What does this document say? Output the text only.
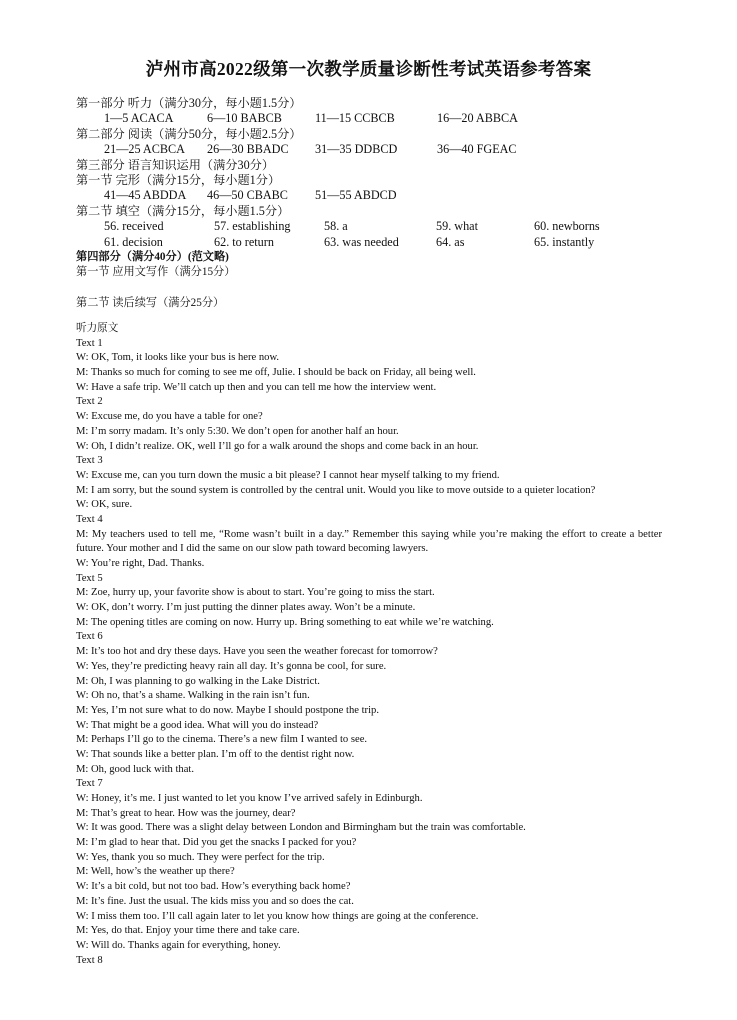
泸州市高2022级第一次教学质量诊断性考试英语参考答案
第一部分 听力（满分30分，每小题1.5分）
1—5 ACACA	6—10 BABCB	11—15 CCBCB	16—20 ABBCA
第二部分 阅读（满分50分，每小题2.5分）
21—25 ACBCA 26—30 BBADC 31—35 DDBCD	36—40 FGEAC
第三部分 语言知识运用（满分30分）
第一节 完形（满分15分，每小题1分）
41—45 ABDDA 46—50 CBABC 51—55 ABDCD
第二节 填空（满分15分，每小题1.5分）
56. received	57. establishing	58. a	59. what	60. newborns
61. decision	62. to return	63. was needed	64. as	65. instantly
第四部分（满分40分）(范文略)
第一节 应用文写作（满分15分）
第二节 读后续写（满分25分）
听力原文
Text 1
W: OK, Tom, it looks like your bus is here now.
M: Thanks so much for coming to see me off, Julie. I should be back on Friday, all being well.
W: Have a safe trip. We’ll catch up then and you can tell me how the interview went.
Text 2
W: Excuse me, do you have a table for one?
M: I’m sorry madam. It’s only 5:30. We don’t open for another half an hour.
W: Oh, I didn’t realize. OK, well I’ll go for a walk around the shops and come back in an hour.
Text 3
W: Excuse me, can you turn down the music a bit please? I cannot hear myself talking to my friend.
M: I am sorry, but the sound system is controlled by the central unit. Would you like to move outside to a quieter location?
W: OK, sure.
Text 4
M: My teachers used to tell me, “Rome wasn’t built in a day.” Remember this saying while you’re making the effort to create a better future. Your mother and I did the same on our slow path toward becoming lawyers.
W: You’re right, Dad. Thanks.
Text 5
M: Zoe, hurry up, your favorite show is about to start. You’re going to miss the start.
W: OK, don’t worry. I’m just putting the dinner plates away. Won’t be a minute.
M: The opening titles are coming on now. Hurry up. Bring something to eat while we’re watching.
Text 6
M: It’s too hot and dry these days. Have you seen the weather forecast for tomorrow?
W: Yes, they’re predicting heavy rain all day. It’s gonna be cool, for sure.
M: Oh, I was planning to go walking in the Lake District.
W: Oh no, that’s a shame. Walking in the rain isn’t fun.
M: Yes, I’m not sure what to do now. Maybe I should postpone the trip.
W: That might be a good idea. What will you do instead?
M: Perhaps I’ll go to the cinema. There’s a new film I wanted to see.
W: That sounds like a better plan. I’m off to the dentist right now.
M: Oh, good luck with that.
Text 7
W: Honey, it’s me. I just wanted to let you know I’ve arrived safely in Edinburgh.
M: That’s great to hear. How was the journey, dear?
W: It was good. There was a slight delay between London and Birmingham but the train was comfortable.
M: I’m glad to hear that. Did you get the snacks I packed for you?
W: Yes, thank you so much. They were perfect for the trip.
M: Well, how’s the weather up there?
W: It’s a bit cold, but not too bad. How’s everything back home?
M: It’s fine. Just the usual. The kids miss you and so does the cat.
W: I miss them too. I’ll call again later to let you know how things are going at the conference.
M: Yes, do that. Enjoy your time there and take care.
W: Will do. Thanks again for everything, honey.
Text 8
